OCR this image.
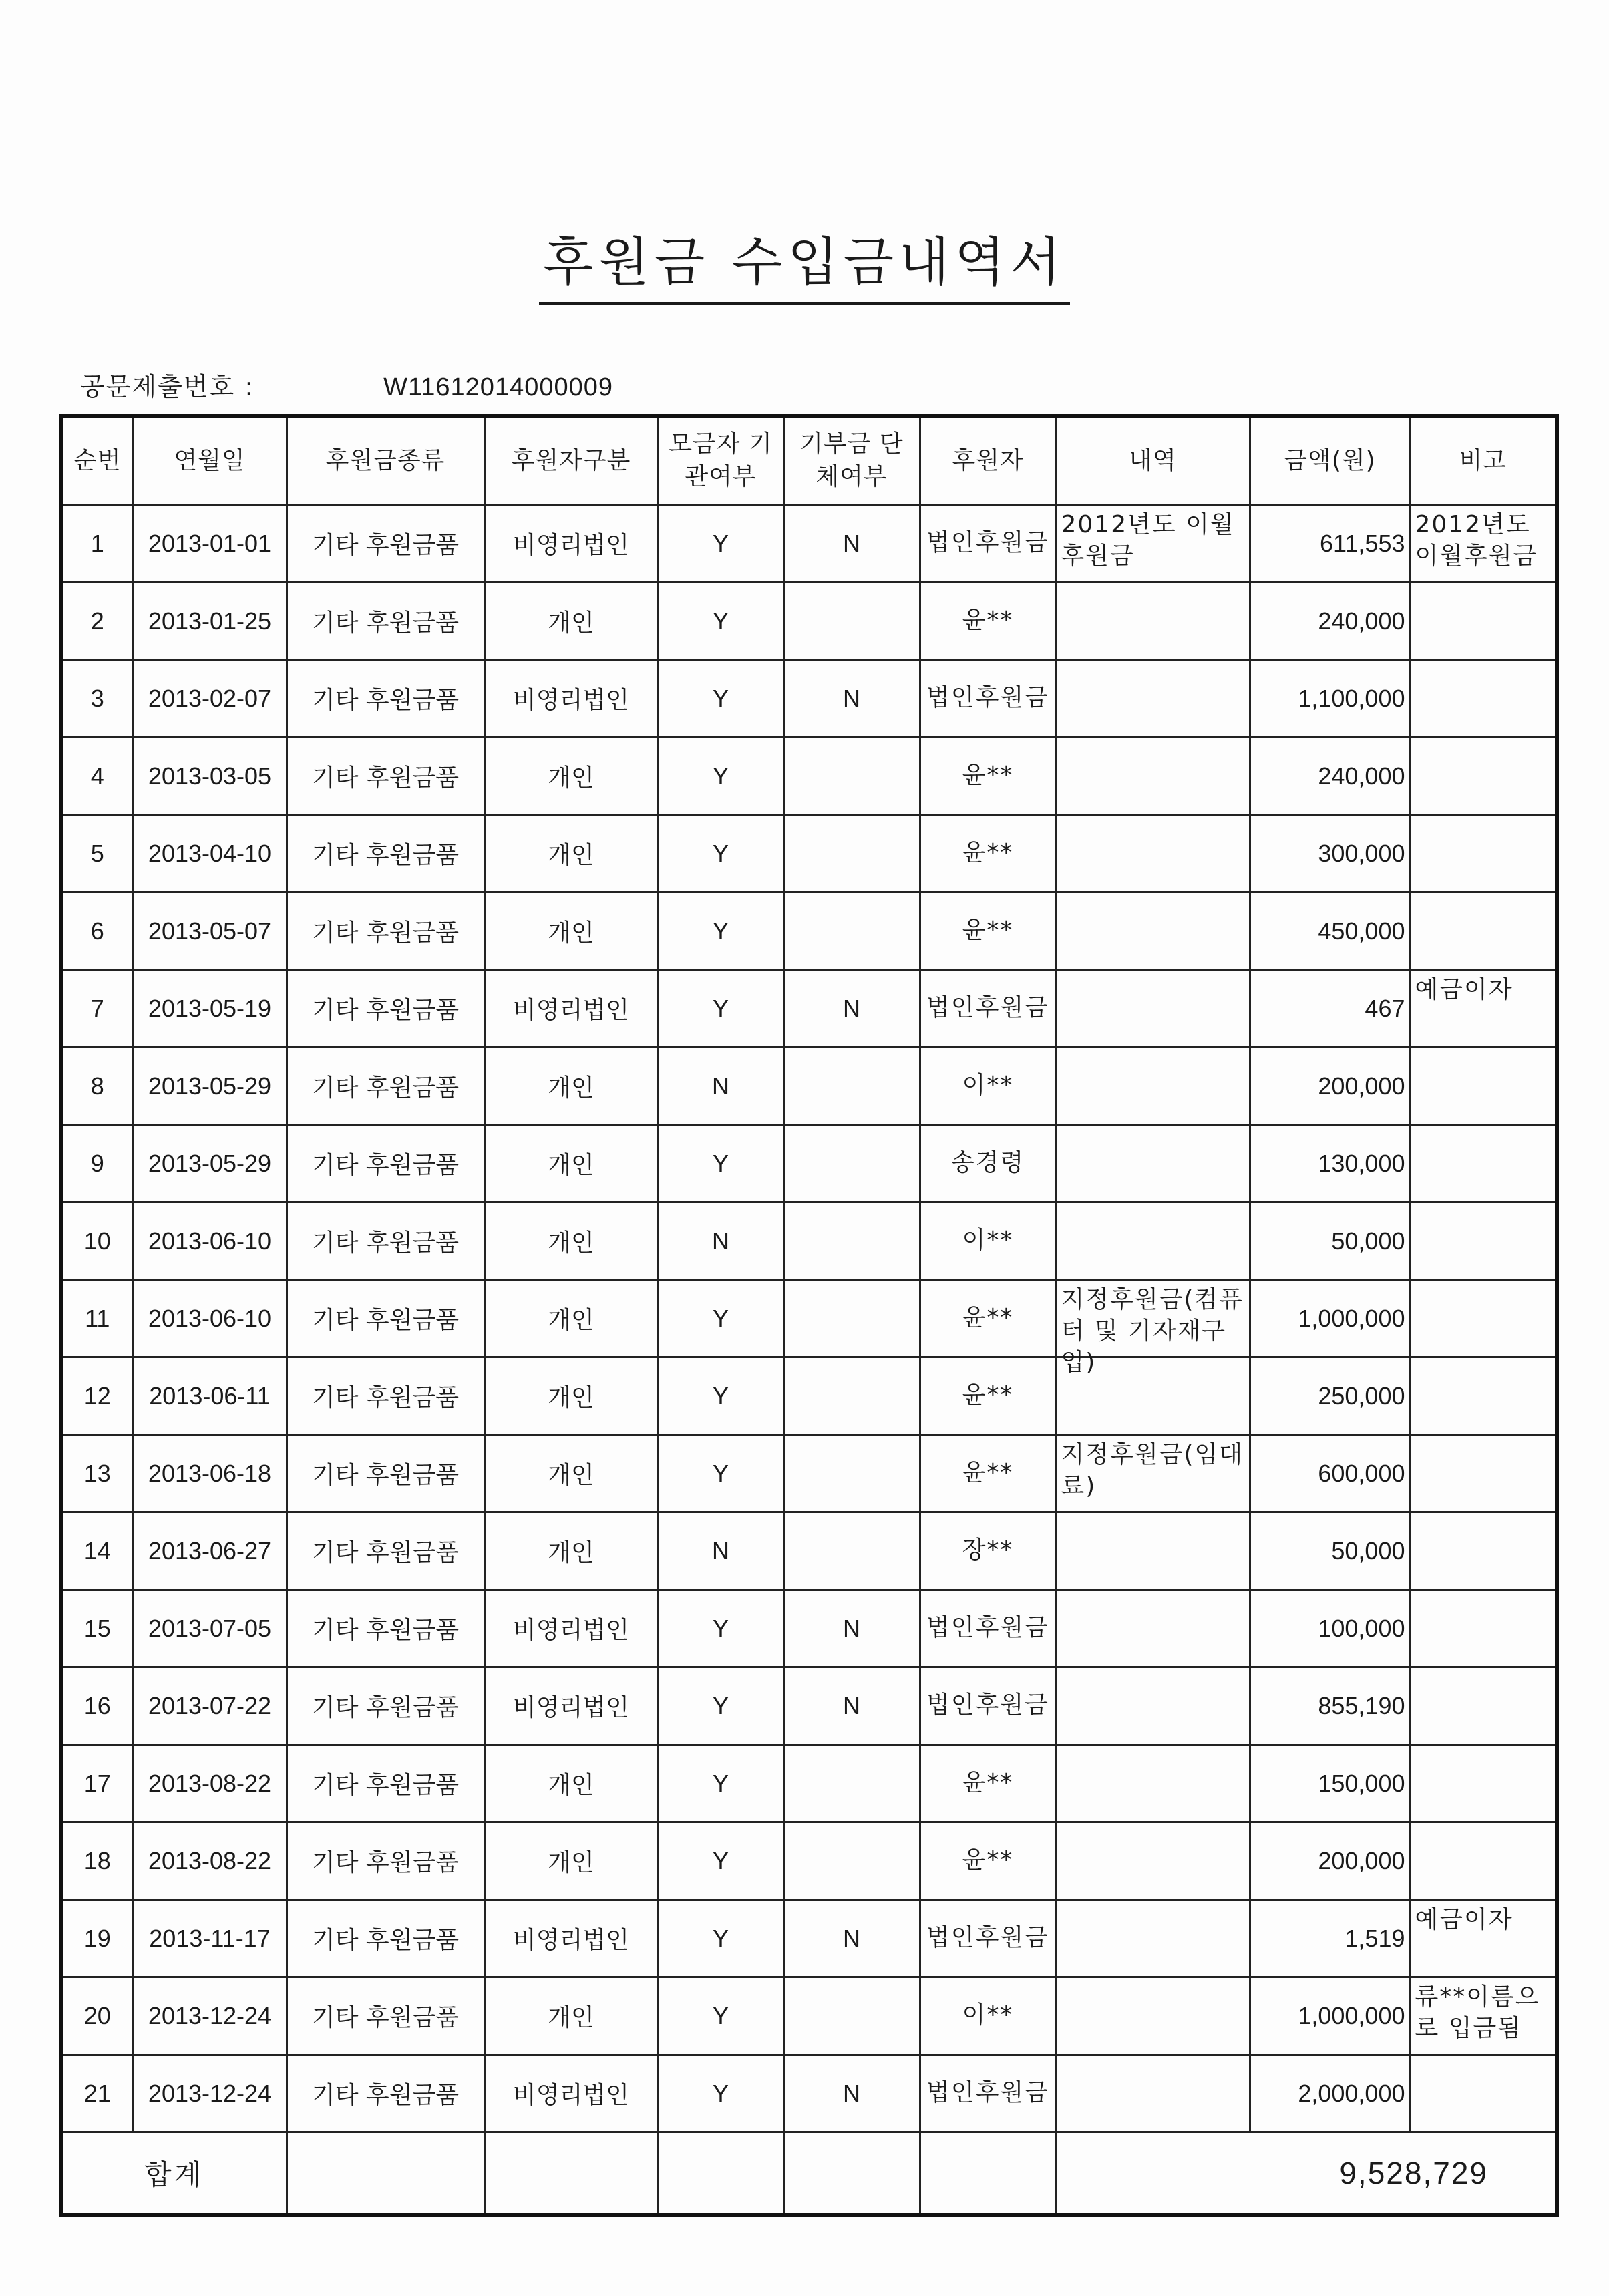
후원금 수입금내역서
공문제출번호 :	W11612014000009
순번	연월일	후원금종류	후원자구분	모금자 기관여부	기부금 단체여부	후원자	내역	금액(원)	비고

1	2013-01-01	기타 후원금품	비영리법인	Y	N	법인후원금	2012년도 이월후원금	611,553	2012년도 이월후원금

2	2013-01-25	기타 후원금품	개인	Y		윤**		240,000	

3	2013-02-07	기타 후원금품	비영리법인	Y	N	법인후원금		1,100,000	

4	2013-03-05	기타 후원금품	개인	Y		윤**		240,000	

5	2013-04-10	기타 후원금품	개인	Y		윤**		300,000	

6	2013-05-07	기타 후원금품	개인	Y		윤**		450,000	

7	2013-05-19	기타 후원금품	비영리법인	Y	N	법인후원금		467	예금이자

8	2013-05-29	기타 후원금품	개인	N		이**		200,000	

9	2013-05-29	기타 후원금품	개인	Y		송경령		130,000	

10	2013-06-10	기타 후원금품	개인	N		이**		50,000	

11	2013-06-10	기타 후원금품	개인	Y		윤**	지정후원금(컴퓨터 및 기자재구입)	1,000,000	

12	2013-06-11	기타 후원금품	개인	Y		윤**		250,000	

13	2013-06-18	기타 후원금품	개인	Y		윤**	지정후원금(임대료)	600,000	

14	2013-06-27	기타 후원금품	개인	N		장**		50,000	

15	2013-07-05	기타 후원금품	비영리법인	Y	N	법인후원금		100,000	

16	2013-07-22	기타 후원금품	비영리법인	Y	N	법인후원금		855,190	

17	2013-08-22	기타 후원금품	개인	Y		윤**		150,000	

18	2013-08-22	기타 후원금품	개인	Y		윤**		200,000	

19	2013-11-17	기타 후원금품	비영리법인	Y	N	법인후원금		1,519	예금이자

20	2013-12-24	기타 후원금품	개인	Y		이**		1,000,000	류**이름으로 입금됨

21	2013-12-24	기타 후원금품	비영리법인	Y	N	법인후원금		2,000,000	

합계							9,528,729		
